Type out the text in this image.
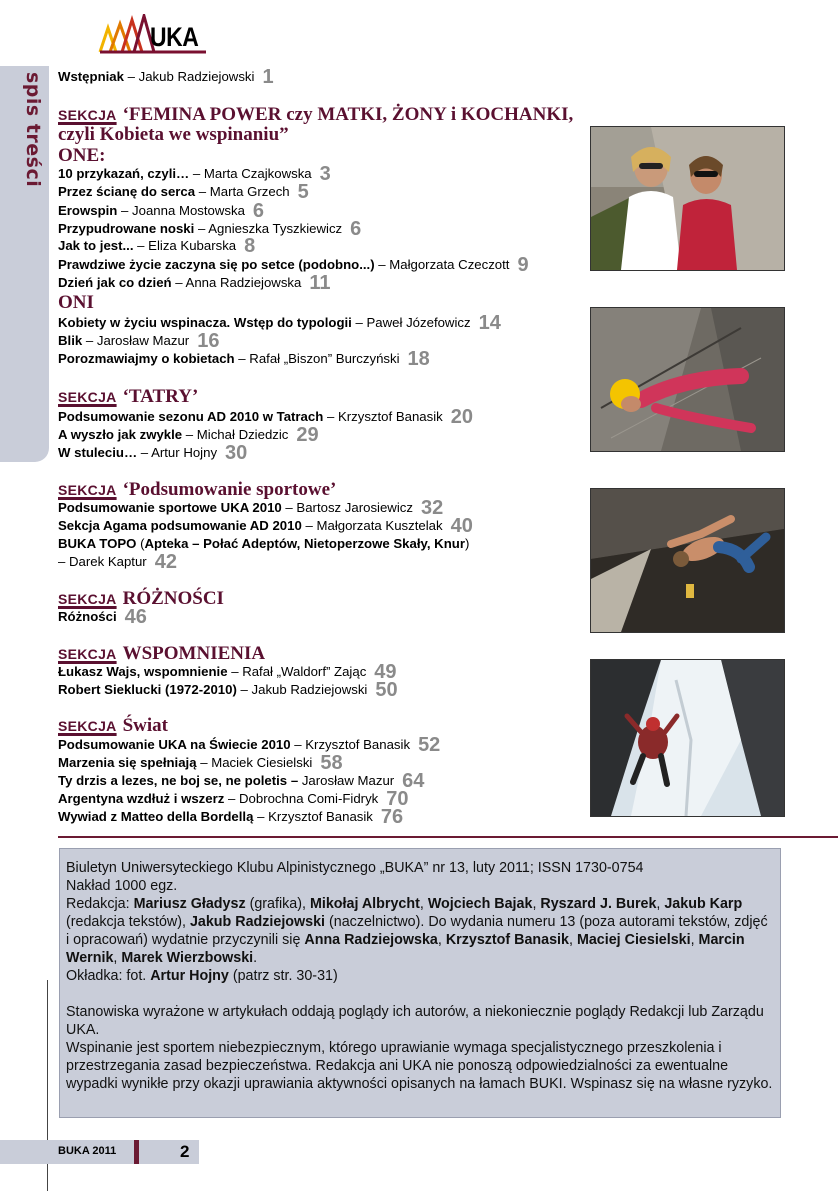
UKA
spis treści Wstępniak – Jakub Radziejowski 1
SEKCJA ‘FEMINA POWER czy MATKI, ŻONY i KOCHANKI,
czyli Kobieta we wspinaniu”
ONE:
10 przykazań, czyli… – Marta Czajkowska 3
Przez ścianę do serca – Marta Grzech 5
Erowspin – Joanna Mostowska 6
Przypudrowane noski – Agnieszka Tyszkiewicz 6
Jak to jest... – Eliza Kubarska 8
Prawdziwe życie zaczyna się po setce (podobno...) – Małgorzata Czeczott 9
Dzień jak co dzień – Anna Radziejowska 11
ONI
Kobiety w życiu wspinacza. Wstęp do typologii – Paweł Józefowicz 14
Blik – Jarosław Mazur 16
Porozmawiajmy o kobietach – Rafał „Biszon” Burczyński 18
SEKCJA ‘TATRY’
Podsumowanie sezonu AD 2010 w Tatrach – Krzysztof Banasik 20
A wyszło jak zwykle – Michał Dziedzic 29
W stuleciu… – Artur Hojny 30
SEKCJA ‘Podsumowanie sportowe’
Podsumowanie sportowe UKA 2010 – Bartosz Jarosiewicz 32
Sekcja Agama podsumowanie AD 2010 – Małgorzata Kusztelak 40
BUKA TOPO (Apteka – Połać Adeptów, Nietoperzowe Skały, Knur)
– Darek Kaptur 42
SEKCJA RÓŻNOŚCI
Różności 46
SEKCJA WSPOMNIENIA
Łukasz Wajs, wspomnienie – Rafał „Waldorf” Zając 49
Robert Sieklucki (1972-2010) – Jakub Radziejowski 50
SEKCJA Świat
Podsumowanie UKA na Świecie 2010 – Krzysztof Banasik 52
Marzenia się spełniają – Maciek Ciesielski 58
Ty drzis a lezes, ne boj se, ne poletis – Jarosław Mazur 64
Argentyna wzdłuż i wszerz – Dobrochna Comi-Fidryk 70
Wywiad z Matteo della Bordellą – Krzysztof Banasik 76

Biuletyn Uniwersyteckiego Klubu Alpinistycznego „BUKA” nr 13, luty 2011; ISSN 1730-0754

Nakład 1000 egz.

Redakcja: Mariusz Gładysz (grafika), Mikołaj Albrycht, Wojciech Bajak, Ryszard J. Burek, Jakub Karp (redakcja tekstów), Jakub Radziejowski (naczelnictwo). Do wydania numeru 13 (poza autorami tekstów, zdjęć i opracowań) wydatnie przyczynili się Anna Radziejowska, Krzysztof Banasik, Maciej Ciesielski, Marcin Wernik, Marek Wierzbowski.

Okładka: fot. Artur Hojny (patrz str. 30-31)

Stanowiska wyrażone w artykułach oddają poglądy ich autorów, a niekoniecznie poglądy Redakcji lub Zarządu UKA.

Wspinanie jest sportem niebezpiecznym, którego uprawianie wymaga specjalistycznego przeszkolenia i przestrzegania zasad bezpieczeństwa. Redakcja ani UKA nie ponoszą odpowiedzialności za ewentualne wypadki wynikłe przy okazji uprawiania aktywności opisanych na łamach BUKI. Wspinasz się na własne ryzyko.

BUKA 2011	2
